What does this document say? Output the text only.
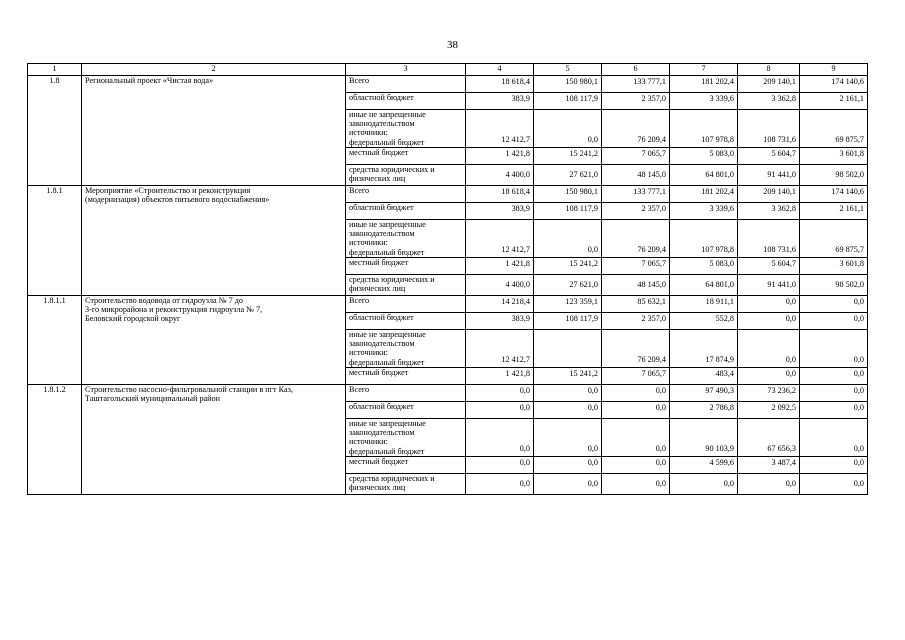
38
1	2	3	4	5	6	7	8	9
1.8	Региональный проект «Чистая вода»	Всего	18 618,4	150 980,1	133 777,1	181 202,4	209 140,1	174 140,6
		областной бюджет	383,9	108 117,9	2 357,0	3 339,6	3 362,8	2 161,1

		иные не запрещенные
законодательством
источники:
федеральный бюджет	12 412,7	0,0	76 209,4	107 978,8	108 731,6	69 875,7
		местный бюджет	1 421,8	15 241,2	7 065,7	5 083,0	5 604,7	3 601,8

		средства юридических и
физических лиц	4 400,0	27 621,0	48 145,0	64 801,0	91 441,0	98 502,0
1.8.1	Мероприятие «Строительство и реконструкция
(модернизация) объектов питьевого водоснабжения»	Всего	18 618,4	150 980,1	133 777,1	181 202,4	209 140,1	174 140,6
		областной бюджет	383,9	108 117,9	2 357,0	3 339,6	3 362,8	2 161,1

		иные не запрещенные
законодательством
источники:
федеральный бюджет	12 412,7	0,0	76 209,4	107 978,8	108 731,6	69 875,7
		местный бюджет	1 421,8	15 241,2	7 065,7	5 083,0	5 604,7	3 601,8

		средства юридических и
физических лиц	4 400,0	27 621,0	48 145,0	64 801,0	91 441,0	98 502,0
1.8.1.1	Строительство водовода от гидроузла № 7 до
3-го микрорайона и реконструкция гидроузла № 7,
Беловский городской округ	Всего	14 218,4	123 359,1	85 632,1	18 911,1	0,0	0,0
		областной бюджет	383,9	108 117,9	2 357,0	552,8	0,0	0,0

		иные не запрещенные
законодательством
источники:
федеральный бюджет	12 412,7		76 209,4	17 874,9	0,0	0,0
		местный бюджет	1 421,8	15 241,2	7 065,7	483,4	0,0	0,0
1.8.1.2	Строительство насосно-фильтровальной станции в пгт Каз,
Таштагольский муниципальный район	Всего	0,0	0,0	0,0	97 490,3	73 236,2	0,0
		областной бюджет	0,0	0,0	0,0	2 786,8	2 092,5	0,0

		иные не запрещенные
законодательством
источники:
федеральный бюджет	0,0	0,0	0,0	90 103,9	67 656,3	0,0
		местный бюджет	0,0	0,0	0,0	4 599,6	3 487,4	0,0

		средства юридических и
физических лиц	0,0	0,0	0,0	0,0	0,0	0,0
